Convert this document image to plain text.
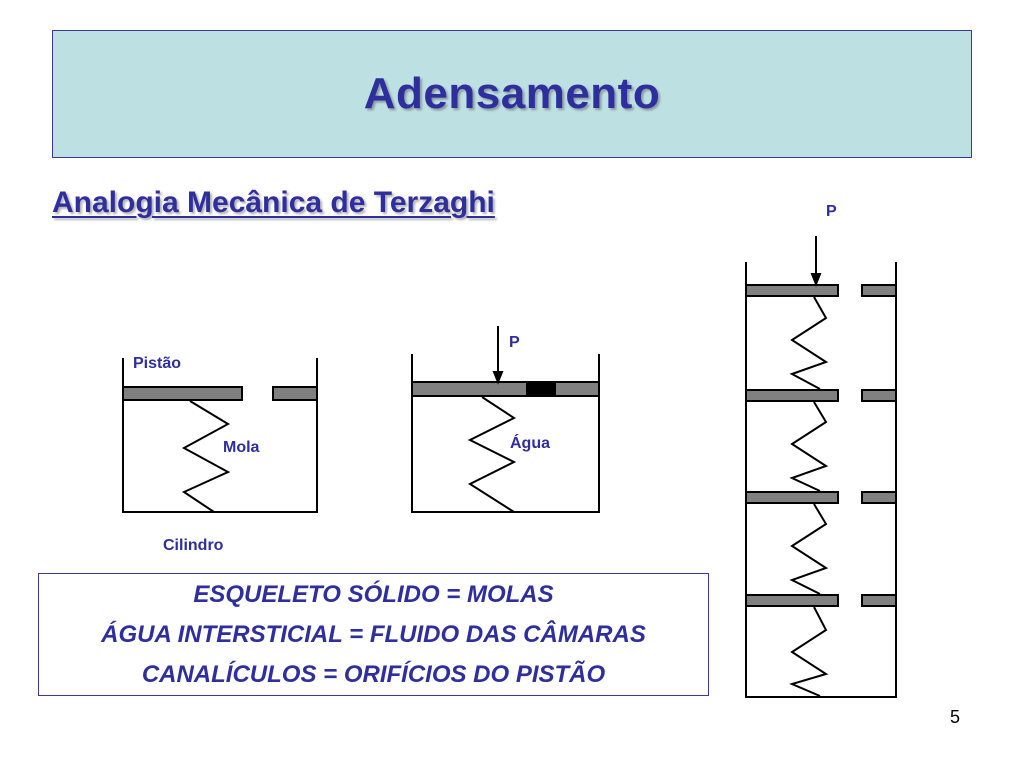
Adensamento
Analogia Mecânica de Terzaghi
Pistão
Mola
Cilindro
P
Água
P
ESQUELETO SÓLIDO = MOLAS
ÁGUA INTERSTICIAL = FLUIDO DAS CÂMARAS
CANALÍCULOS = ORIFÍCIOS DO PISTÃO
5
